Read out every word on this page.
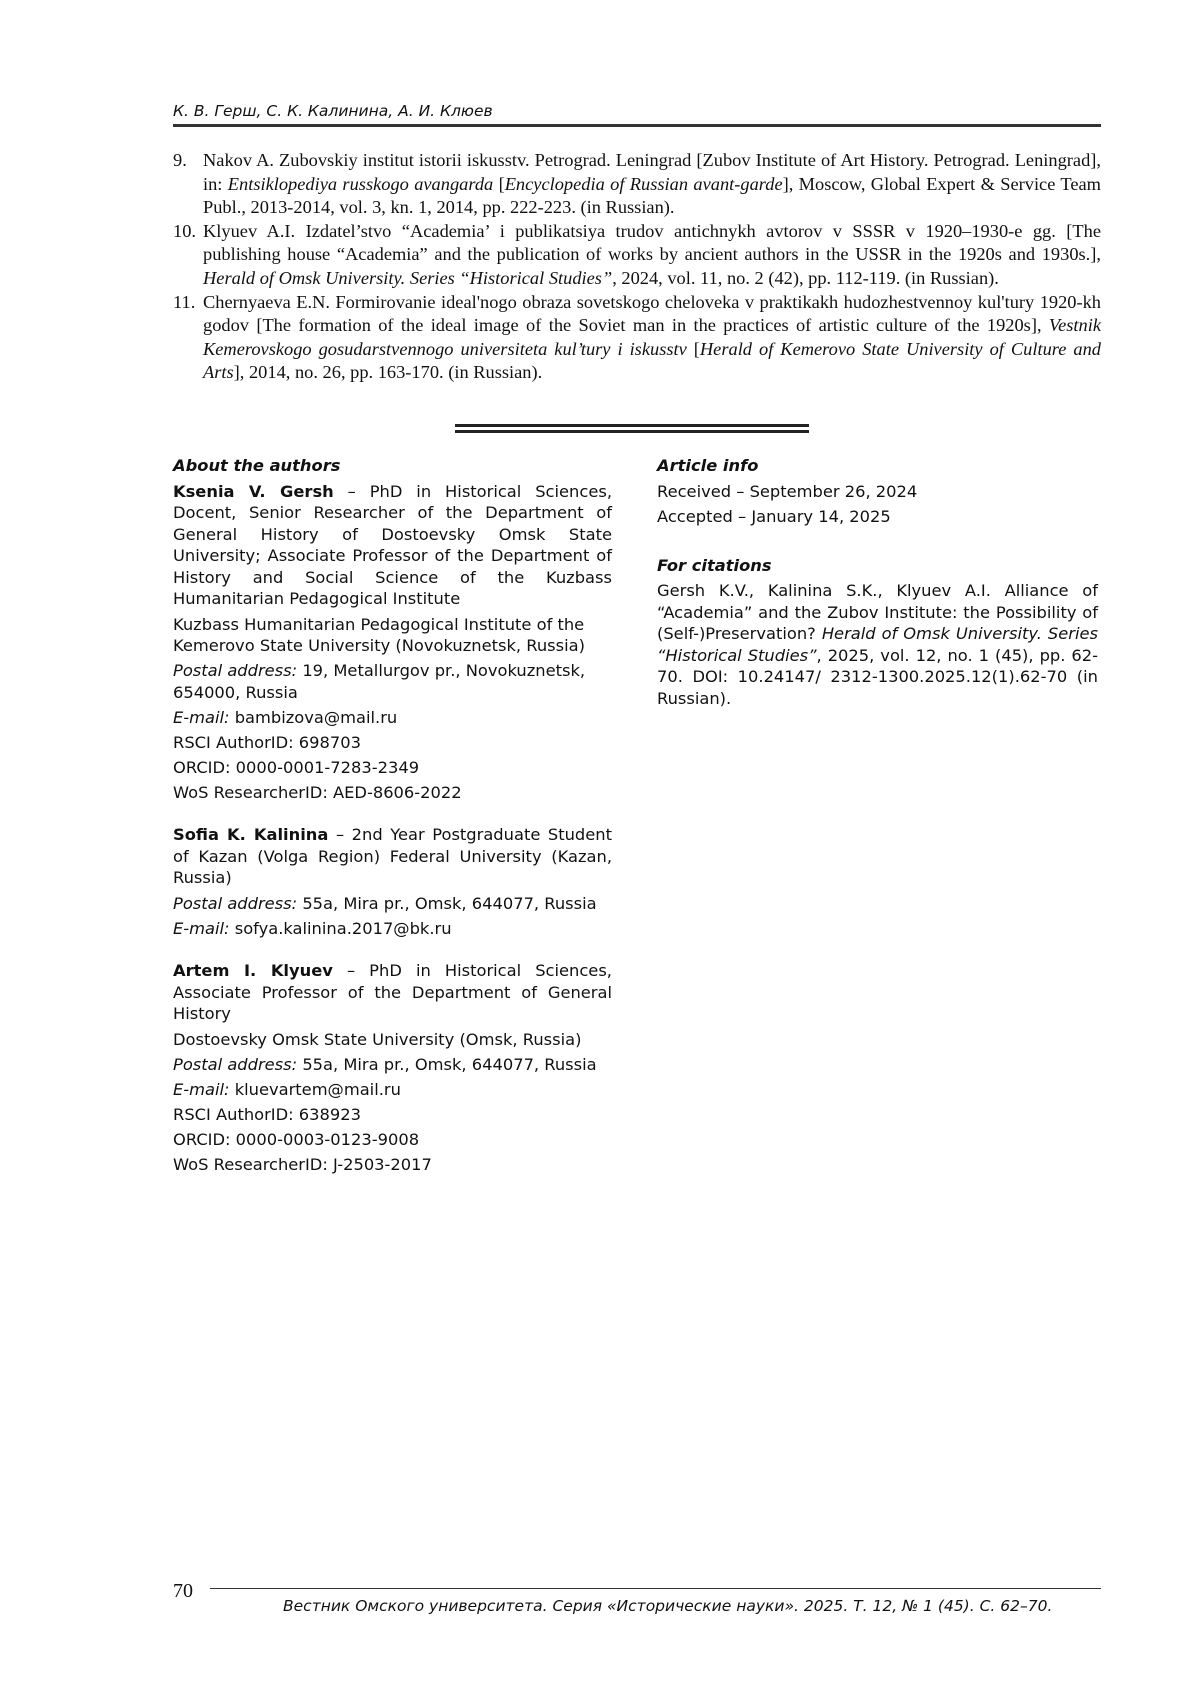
К. В. Герш, С. К. Калинина, А. И. Клюев
9. Nakov A. Zubovskiy institut istorii iskusstv. Petrograd. Leningrad [Zubov Institute of Art History. Petrograd. Leningrad], in: Entsiklopediya russkogo avangarda [Encyclopedia of Russian avant-garde], Moscow, Global Expert & Service Team Publ., 2013-2014, vol. 3, kn. 1, 2014, pp. 222-223. (in Russian).
10. Klyuev A.I. Izdatel’stvo “Academia’ i publikatsiya trudov antichnykh avtorov v SSSR v 1920–1930-e gg. [The publishing house “Academia” and the publication of works by ancient authors in the USSR in the 1920s and 1930s.], Herald of Omsk University. Series “Historical Studies”, 2024, vol. 11, no. 2 (42), pp. 112-119. (in Russian).
11. Chernyaeva E.N. Formirovanie ideal'nogo obraza sovetskogo cheloveka v praktikakh hudozhestvennoy kul'tury 1920-kh godov [The formation of the ideal image of the Soviet man in the practices of artistic culture of the 1920s], Vestnik Kemerovskogo gosudarstvennogo universiteta kul’tury i iskusstv [Herald of Kemerovo State University of Culture and Arts], 2014, no. 26, pp. 163-170. (in Russian).
About the authors
Ksenia V. Gersh – PhD in Historical Sciences, Docent, Senior Researcher of the Department of General History of Dostoevsky Omsk State University; Associate Professor of the Department of History and Social Science of the Kuzbass Humanitarian Pedagogical Institute
Kuzbass Humanitarian Pedagogical Institute of the Kemerovo State University (Novokuznetsk, Russia)
Postal address: 19, Metallurgov pr., Novokuznetsk, 654000, Russia
E-mail: bambizova@mail.ru
RSCI AuthorID: 698703
ORCID: 0000-0001-7283-2349
WoS ResearcherID: AED-8606-2022
Sofia K. Kalinina – 2nd Year Postgraduate Student of Kazan (Volga Region) Federal University (Kazan, Russia)
Postal address: 55a, Mira pr., Omsk, 644077, Russia
E-mail: sofya.kalinina.2017@bk.ru
Artem I. Klyuev – PhD in Historical Sciences, Associate Professor of the Department of General History
Dostoevsky Omsk State University (Omsk, Russia)
Postal address: 55a, Mira pr., Omsk, 644077, Russia
E-mail: kluevartem@mail.ru
RSCI AuthorID: 638923
ORCID: 0000-0003-0123-9008
WoS ResearcherID: J-2503-2017
Article info
Received – September 26, 2024
Accepted – January 14, 2025
For citations
Gersh K.V., Kalinina S.K., Klyuev A.I. Alliance of “Academia” and the Zubov Institute: the Possibility of (Self-)Preservation? Herald of Omsk University. Series “Historical Studies”, 2025, vol. 12, no. 1 (45), pp. 62-70. DOI: 10.24147/ 2312-1300.2025.12(1).62-70 (in Russian).
70
Вестник Омского университета. Серия «Исторические науки». 2025. Т. 12, № 1 (45). С. 62–70.
